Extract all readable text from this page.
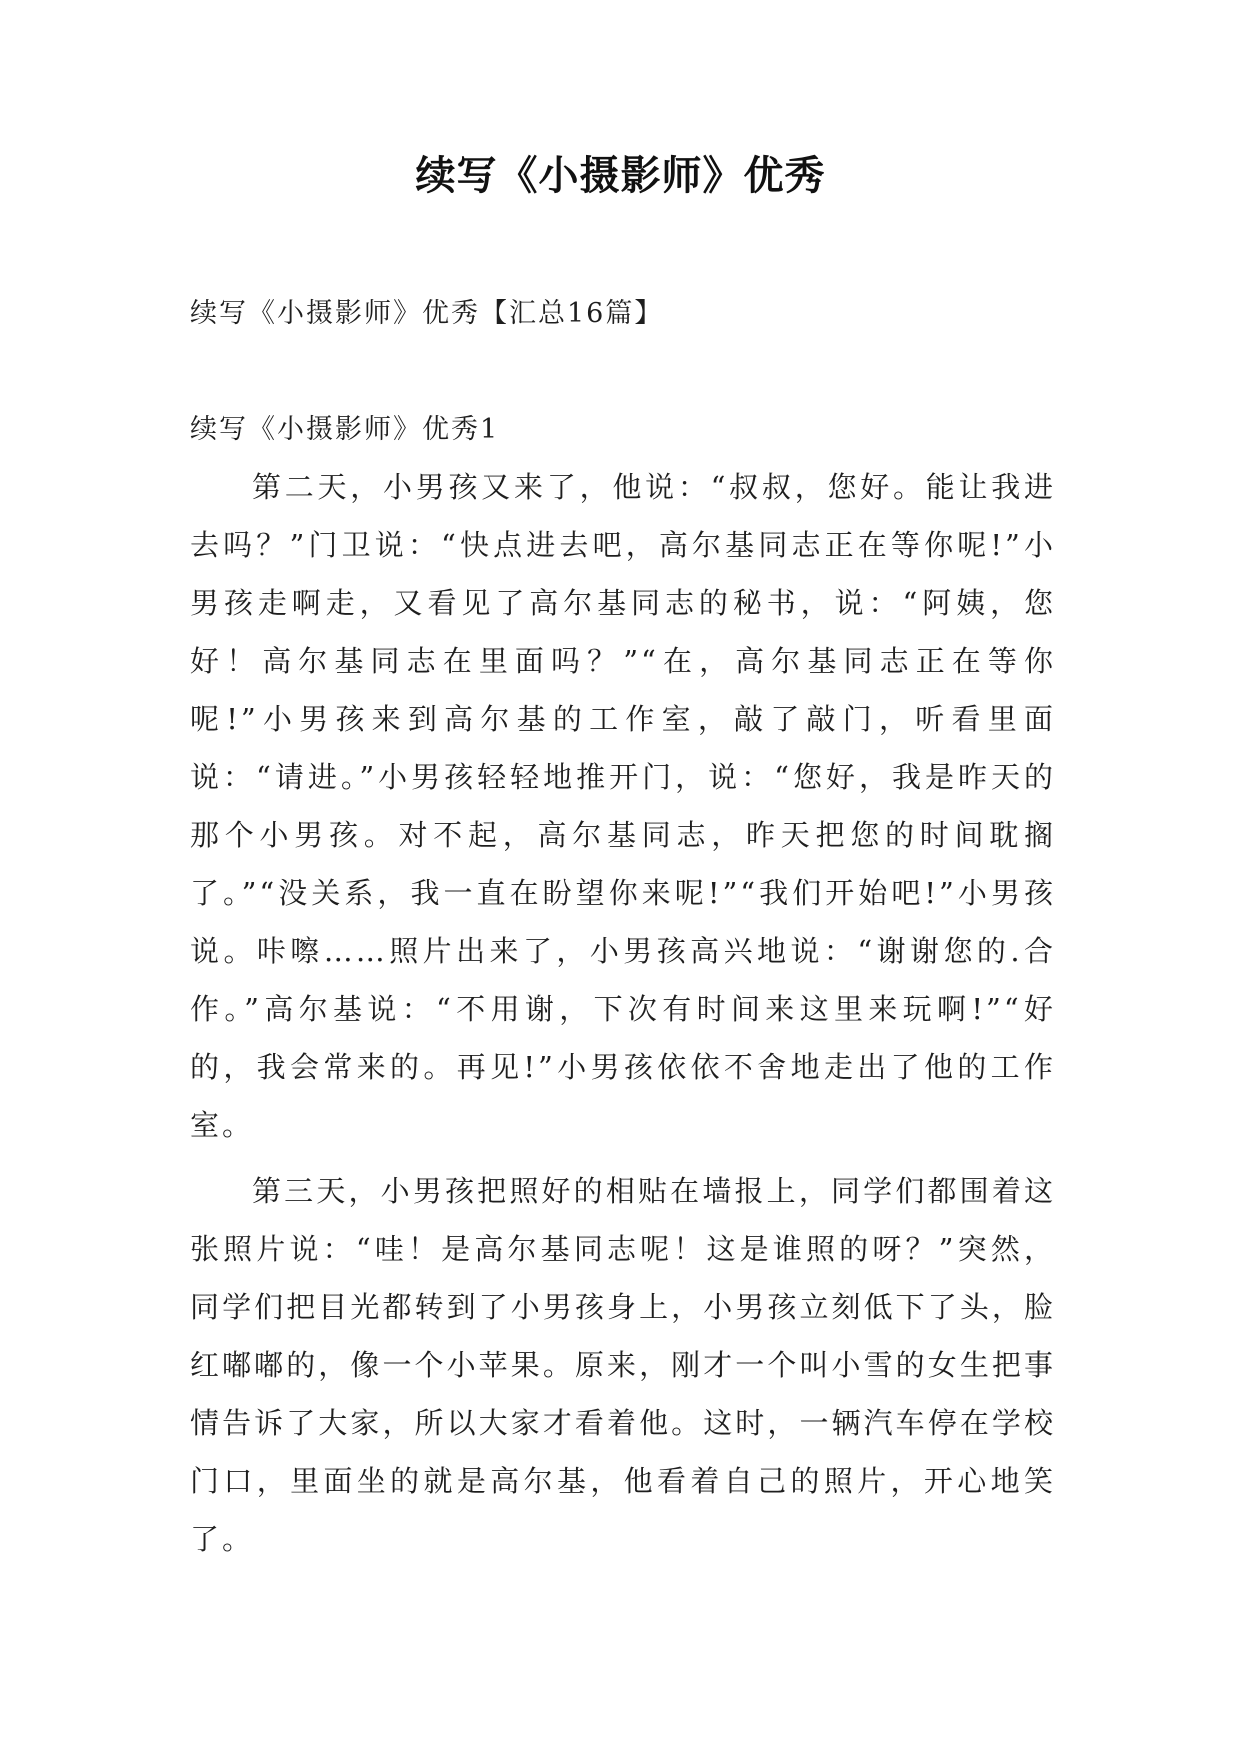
续写《小摄影师》优秀

续写《小摄影师》优秀【汇总16篇】

续写《小摄影师》优秀1

第二天，小男孩又来了，他说：“叔叔，您好。能让我进去吗？”门卫说：“快点进去吧，高尔基同志正在等你呢!”小男孩走啊走，又看见了高尔基同志的秘书，说：“阿姨，您好！高尔基同志在里面吗？”“在，高尔基同志正在等你呢!”小男孩来到高尔基的工作室，敲了敲门，听看里面说：“请进。”小男孩轻轻地推开门，说：“您好，我是昨天的那个小男孩。对不起，高尔基同志，昨天把您的时间耽搁了。”“没关系，我一直在盼望你来呢!”“我们开始吧!”小男孩说。咔嚓……照片出来了，小男孩高兴地说：“谢谢您的.合作。”高尔基说：“不用谢，下次有时间来这里来玩啊!”“好的，我会常来的。再见!”小男孩依依不舍地走出了他的工作室。

第三天，小男孩把照好的相贴在墙报上，同学们都围着这张照片说：“哇！是高尔基同志呢！这是谁照的呀？”突然，同学们把目光都转到了小男孩身上，小男孩立刻低下了头，脸红嘟嘟的，像一个小苹果。原来，刚才一个叫小雪的女生把事情告诉了大家，所以大家才看着他。这时，一辆汽车停在学校门口，里面坐的就是高尔基，他看着自己的照片，开心地笑了。
